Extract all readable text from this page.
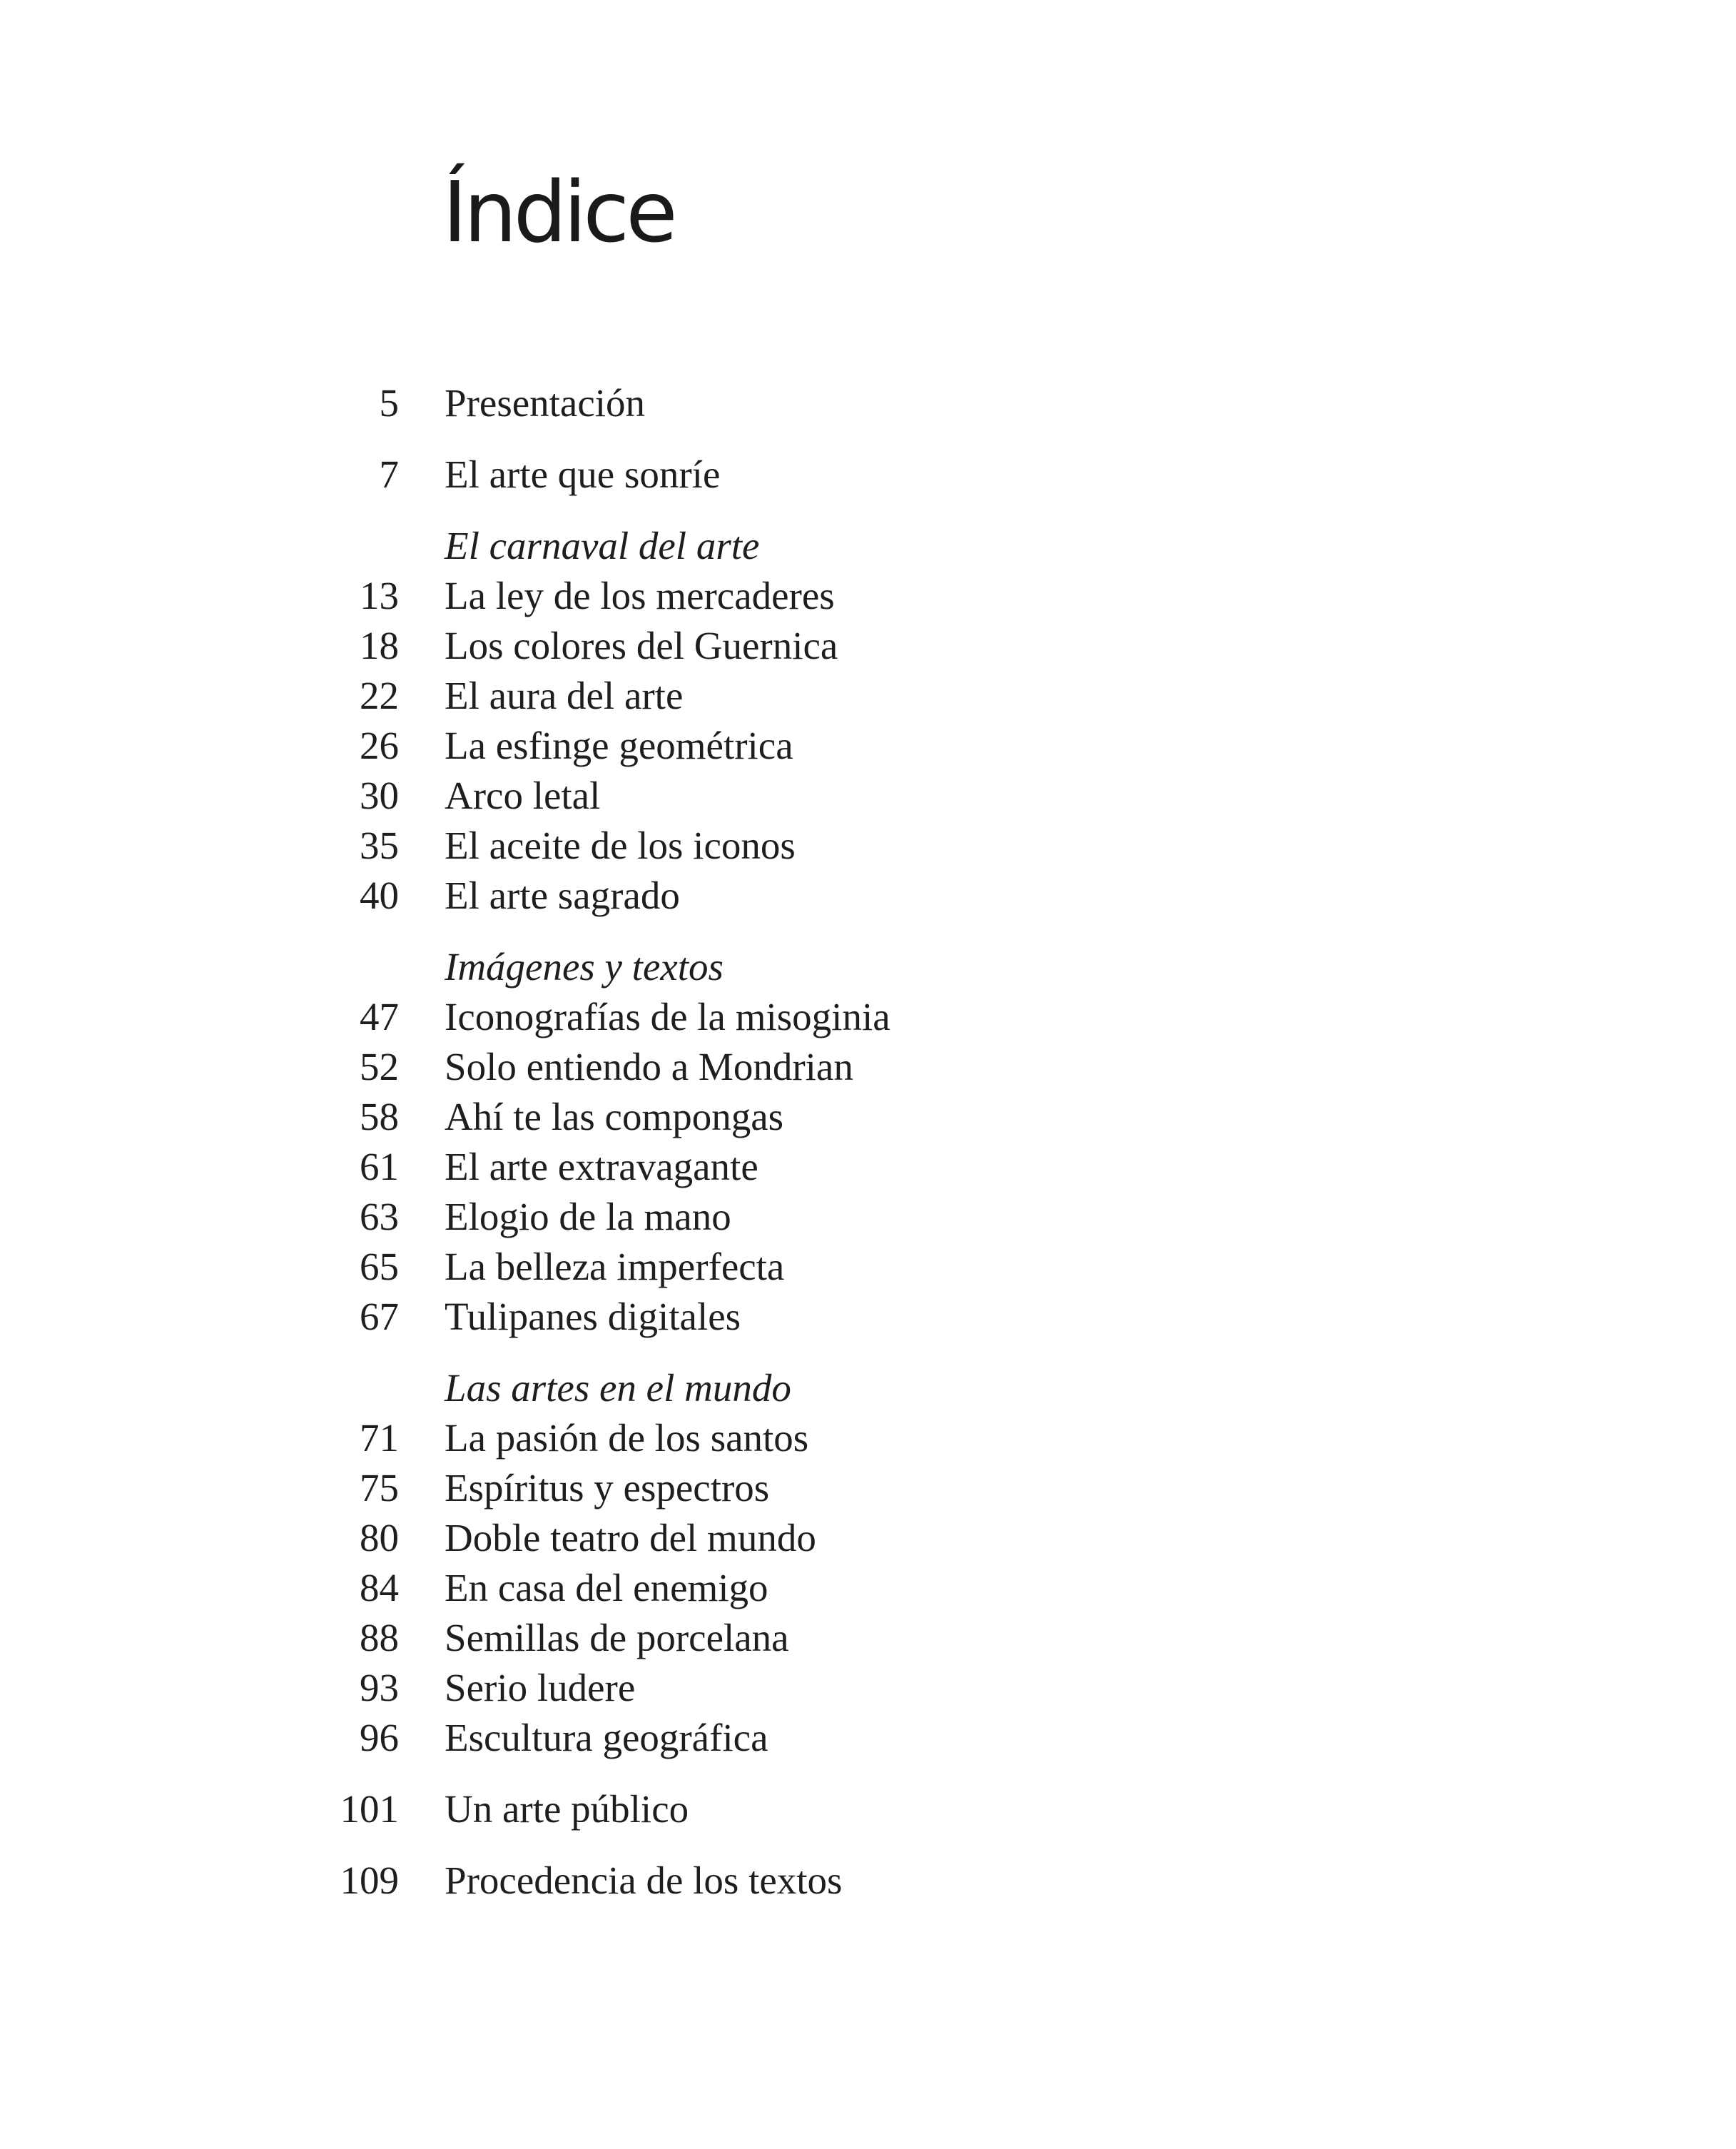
Índice
5 Presentación
7 El arte que sonríe
El carnaval del arte
13 La ley de los mercaderes
18 Los colores del Guernica
22 El aura del arte
26 La esfinge geométrica
30 Arco letal
35 El aceite de los iconos
40 El arte sagrado
Imágenes y textos
47 Iconografías de la misoginia
52 Solo entiendo a Mondrian
58 Ahí te las compongas
61 El arte extravagante
63 Elogio de la mano
65 La belleza imperfecta
67 Tulipanes digitales
Las artes en el mundo
71 La pasión de los santos
75 Espíritus y espectros
80 Doble teatro del mundo
84 En casa del enemigo
88 Semillas de porcelana
93 Serio ludere
96 Escultura geográfica
101 Un arte público
109 Procedencia de los textos
